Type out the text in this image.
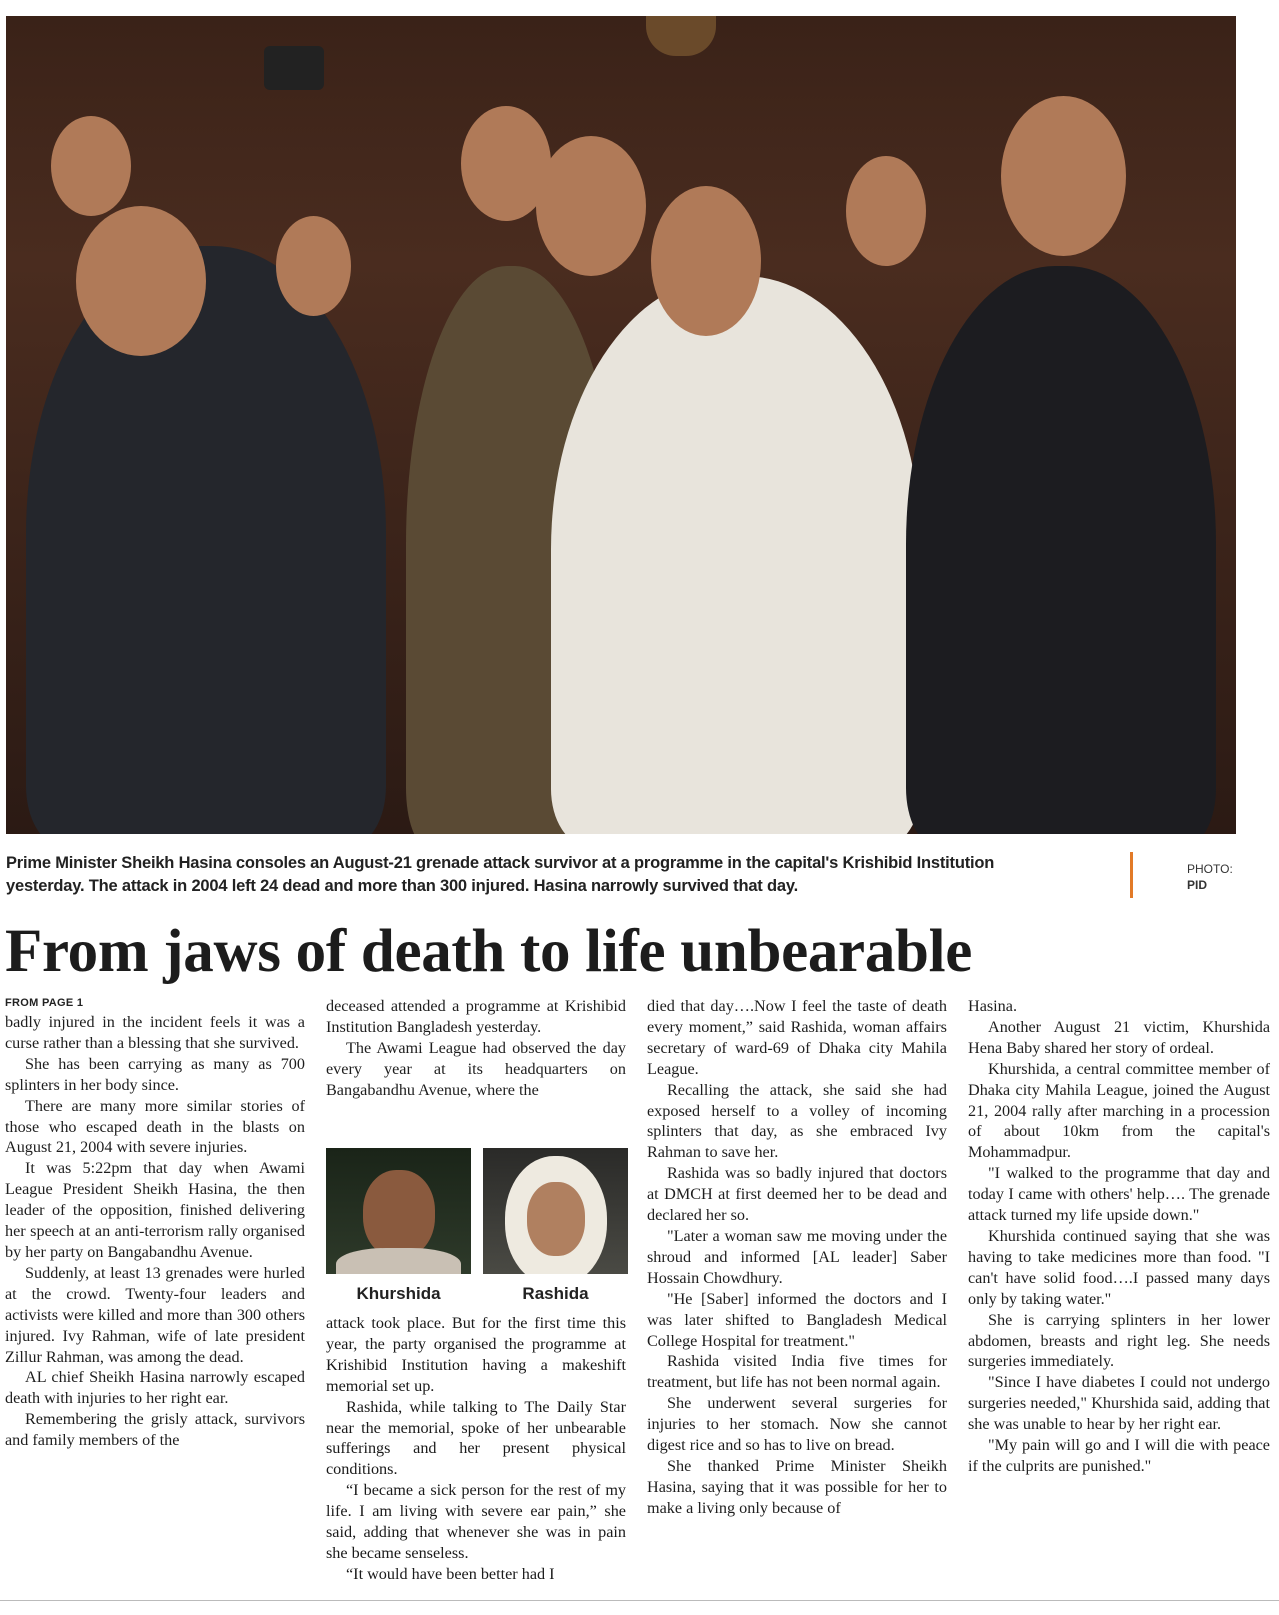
Prime Minister Sheikh Hasina consoles an August-21 grenade attack survivor at a programme in the capital's Krishibid Institution yesterday. The attack in 2004 left 24 dead and more than 300 injured. Hasina narrowly survived that day.
PHOTO:
PID
From jaws of death to life unbearable
FROM PAGE 1

badly injured in the incident feels it was a curse rather than a blessing that she survived.

She has been carrying as many as 700 splinters in her body since.

There are many more similar stories of those who escaped death in the blasts on August 21, 2004 with severe injuries.

It was 5:22pm that day when Awami League President Sheikh Hasina, the then leader of the opposition, finished delivering her speech at an anti-terrorism rally organised by her party on Bangabandhu Avenue.

Suddenly, at least 13 grenades were hurled at the crowd. Twenty-four leaders and activists were killed and more than 300 others injured. Ivy Rahman, wife of late president Zillur Rahman, was among the dead.

AL chief Sheikh Hasina narrowly escaped death with injuries to her right ear.

Remembering the grisly attack, survivors and family members of the

deceased attended a programme at Krishibid Institution Bangladesh yesterday.

The Awami League had observed the day every year at its headquarters on Bangabandhu Avenue, where the

Khurshida	Rashida

attack took place. But for the first time this year, the party organised the programme at Krishibid Institution having a makeshift memorial set up.

Rashida, while talking to The Daily Star near the memorial, spoke of her unbearable sufferings and her present physical conditions.

“I became a sick person for the rest of my life. I am living with severe ear pain,” she said, adding that whenever she was in pain she became senseless.

“It would have been better had I

died that day….Now I feel the taste of death every moment,” said Rashida, woman affairs secretary of ward-69 of Dhaka city Mahila League.

Recalling the attack, she said she had exposed herself to a volley of incoming splinters that day, as she embraced Ivy Rahman to save her.

Rashida was so badly injured that doctors at DMCH at first deemed her to be dead and declared her so.

"Later a woman saw me moving under the shroud and informed [AL leader] Saber Hossain Chowdhury.

"He [Saber] informed the doctors and I was later shifted to Bangladesh Medical College Hospital for treatment."

Rashida visited India five times for treatment, but life has not been normal again.

She underwent several surgeries for injuries to her stomach. Now she cannot digest rice and so has to live on bread.

She thanked Prime Minister Sheikh Hasina, saying that it was possible for her to make a living only because of

Hasina.

Another August 21 victim, Khurshida Hena Baby shared her story of ordeal.

Khurshida, a central committee member of Dhaka city Mahila League, joined the August 21, 2004 rally after marching in a procession of about 10km from the capital's Mohammadpur.

"I walked to the programme that day and today I came with others' help…. The grenade attack turned my life upside down."

Khurshida continued saying that she was having to take medicines more than food. "I can't have solid food….I passed many days only by taking water."

She is carrying splinters in her lower abdomen, breasts and right leg. She needs surgeries immediately.

"Since I have diabetes I could not undergo surgeries needed," Khurshida said, adding that she was unable to hear by her right ear.

"My pain will go and I will die with peace if the culprits are punished."
